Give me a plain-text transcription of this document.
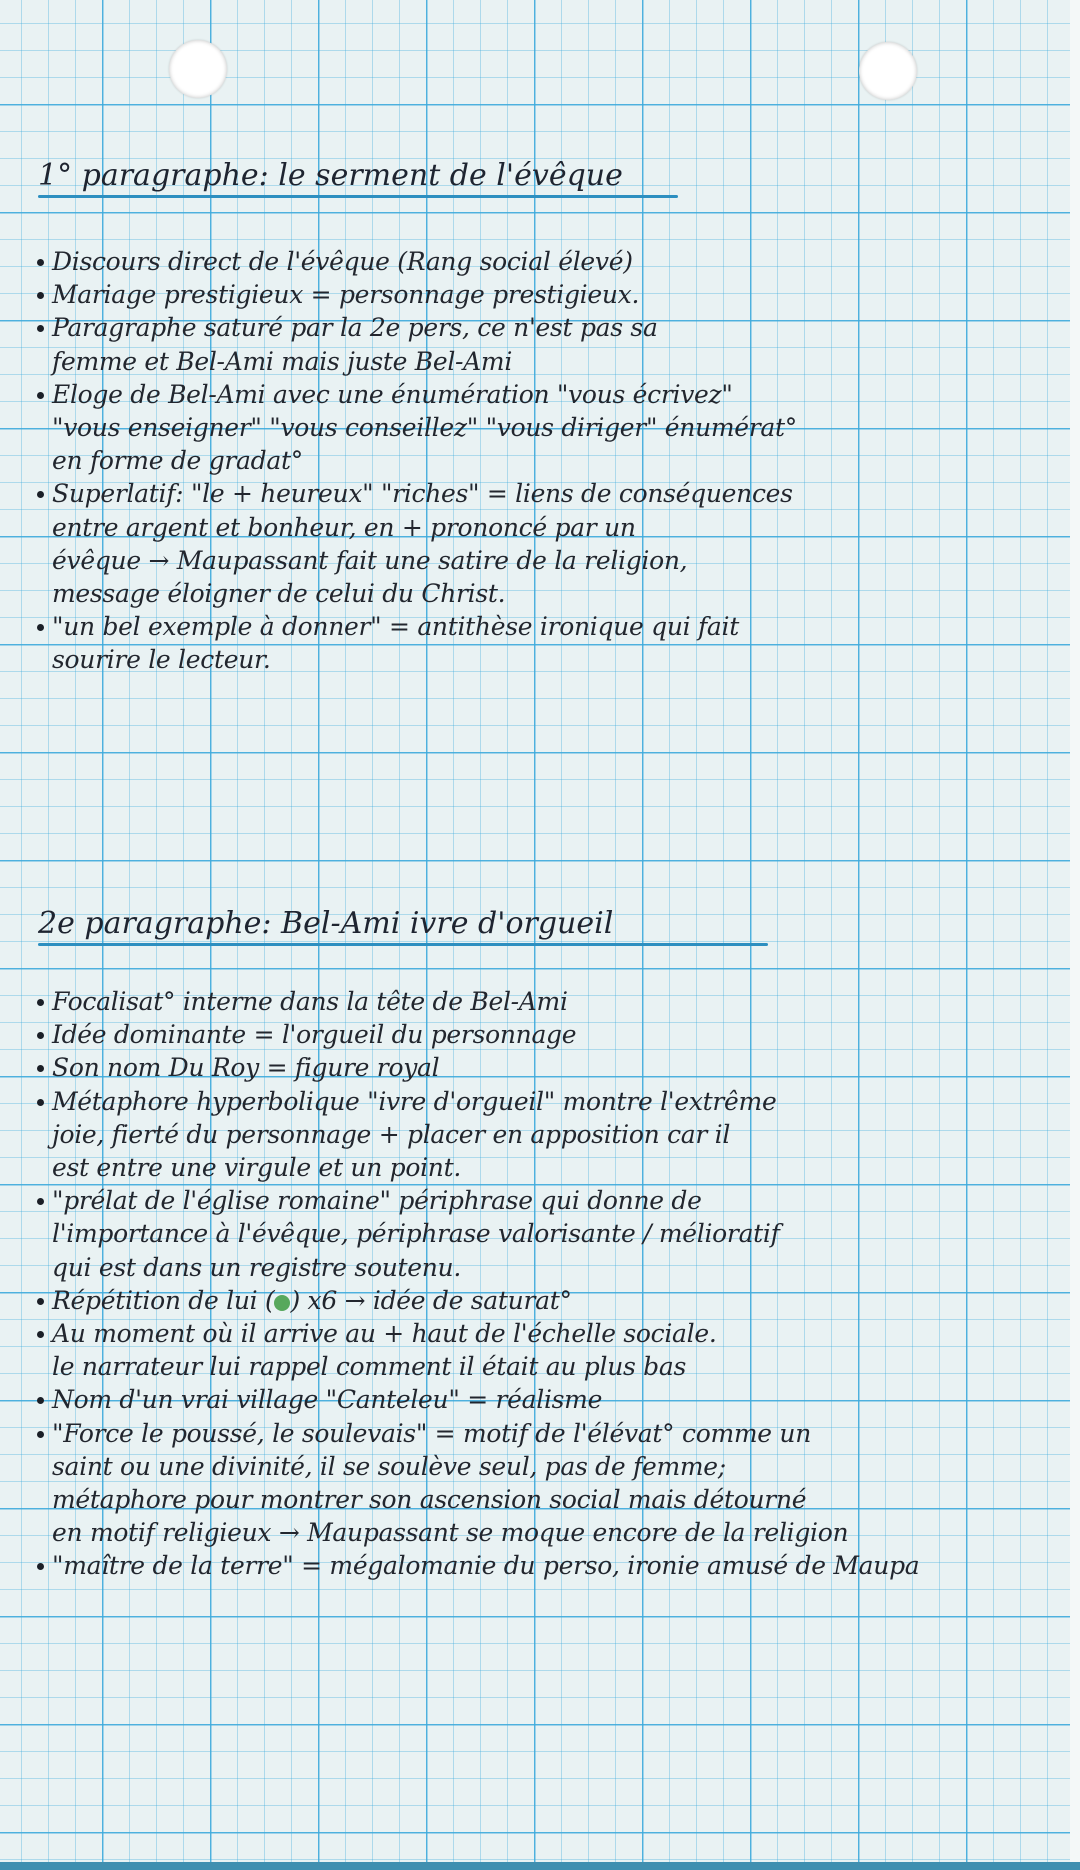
1° paragraphe: le serment de l'évêque
Discours direct de l'évêque (Rang social élevé)
Mariage prestigieux = personnage prestigieux.
Paragraphe saturé par la 2e pers, ce n'est pas sa
femme et Bel-Ami mais juste Bel-Ami
Eloge de Bel-Ami avec une énumération "vous écrivez"
"vous enseigner" "vous conseillez" "vous diriger" énumérat°
en forme de gradat°
Superlatif: "le + heureux" "riches" = liens de conséquences
entre argent et bonheur, en + prononcé par un
évêque → Maupassant fait une satire de la religion,
message éloigner de celui du Christ.
"un bel exemple à donner" = antithèse ironique qui fait
sourire le lecteur.
2e paragraphe: Bel-Ami ivre d'orgueil
Focalisat° interne dans la tête de Bel-Ami
Idée dominante = l'orgueil du personnage
Son nom Du Roy = figure royal
Métaphore hyperbolique "ivre d'orgueil" montre l'extrême
joie, fierté du personnage + placer en apposition car il
est entre une virgule et un point.
"prélat de l'église romaine" périphrase qui donne de
l'importance à l'évêque, périphrase valorisante / mélioratif
qui est dans un registre soutenu.
Répétition de lui ( ) x6 → idée de saturat°
Au moment où il arrive au + haut de l'échelle sociale.
le narrateur lui rappel comment il était au plus bas
Nom d'un vrai village "Canteleu" = réalisme
"Force le poussé, le soulevais" = motif de l'élévat° comme un
saint ou une divinité, il se soulève seul, pas de femme;
métaphore pour montrer son ascension social mais détourné
en motif religieux → Maupassant se moque encore de la religion
"maître de la terre" = mégalomanie du perso, ironie amusé de Maupa
